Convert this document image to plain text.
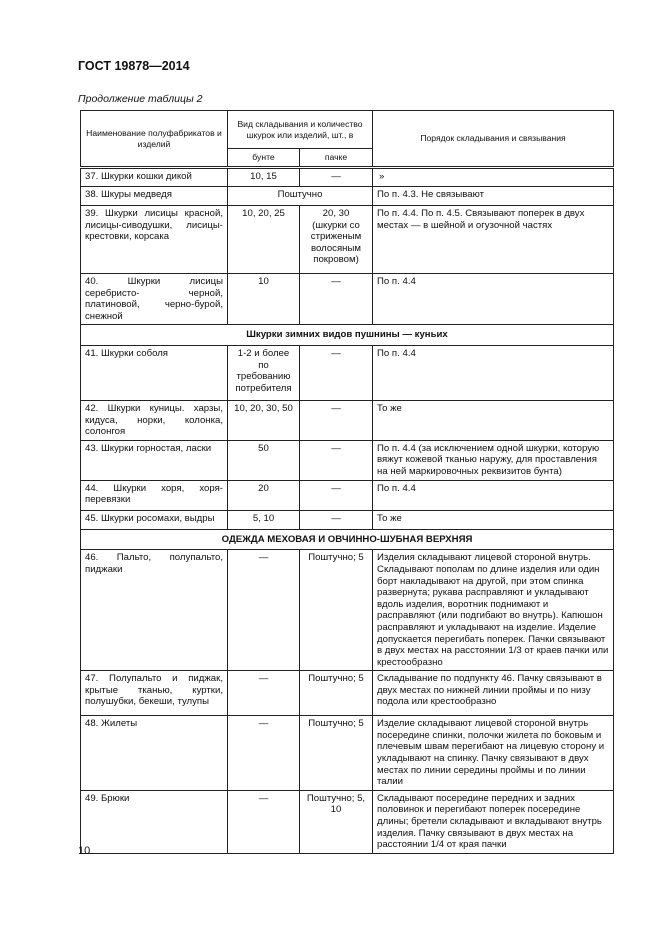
ГОСТ 19878—2014
Продолжение таблицы 2
Наименование полуфабрикатов и изделий	Вид складывания и количество шкурок или изделий, шт., в		Порядок складывания и связывания
	бунте	пачке	
37. Шкурки кошки дикой	10, 15	—	»
38. Шкуры медведя	Поштучно		По п. 4.3. Не связывают
39. Шкурки лисицы красной, лисицы-сиводушки, лисицы-крестовки, корсака	10, 20, 25	20, 30 (шкурки со стриженым волосяным покровом)	По п. 4.4. По п. 4.5. Связывают поперек в двух местах — в шейной и огузочной частях
40. Шкурки лисицы серебристо- черной, платиновой, черно-бурой, снежной	10	—	По п. 4.4
Шкурки зимних видов пушнины — куньих			
41. Шкурки соболя	1-2 и более по требованию потребителя	—	По п. 4.4
42. Шкурки куницы. харзы, кидуса, норки, колонка, солонгоя	10, 20, 30, 50	—	То же
43. Шкурки горностая, ласки	50	—	По п. 4.4 (за исключением одной шкурки, которую вяжут кожевой тканью наружу, для проставления на ней маркировочных реквизитов бунта)
44. Шкурки хоря, хоря-перевязки	20	—	По п. 4.4
45. Шкурки росомахи, выдры	5, 10	—	То же
ОДЕЖДА МЕХОВАЯ И ОВЧИННО-ШУБНАЯ ВЕРХНЯЯ			
46. Пальто, полупальто, пиджаки	—	Поштучно; 5	Изделия складывают лицевой стороной внутрь. Складывают пополам по длине изделия или один борт накладывают на другой, при этом спинка развернута; рукава расправляют и укладывают вдоль изделия, воротник поднимают и расправляют (или подгибают во внутрь). Капюшон расправляют и укладывают на изделие. Изделие допускается перегибать поперек. Пачки связывают в двух местах на расстоянии 1/3 от краев пачки или крестообразно
47. Полупальто и пиджак, крытые тканью, куртки, полушубки, бекеши, тулупы	—	Поштучно; 5	Складывание по подпункту 46. Пачку связывают в двух местах по нижней линии проймы и по низу подола или крестообразно
48. Жилеты	—	Поштучно; 5	Изделие складывают лицевой стороной внутрь посередине спинки, полочки жилета по боковым и плечевым швам перегибают на лицевую сторону и укладывают на спинку. Пачку связывают в двух местах по линии середины проймы и по линии талии
49. Брюки	—	Поштучно; 5, 10	Складывают посередине передних и задних половинок и перегибают поперек посередине длины; бретели складывают и вкладывают внутрь изделия. Пачку связывают в двух местах на расстоянии 1/4 от края пачки
10
